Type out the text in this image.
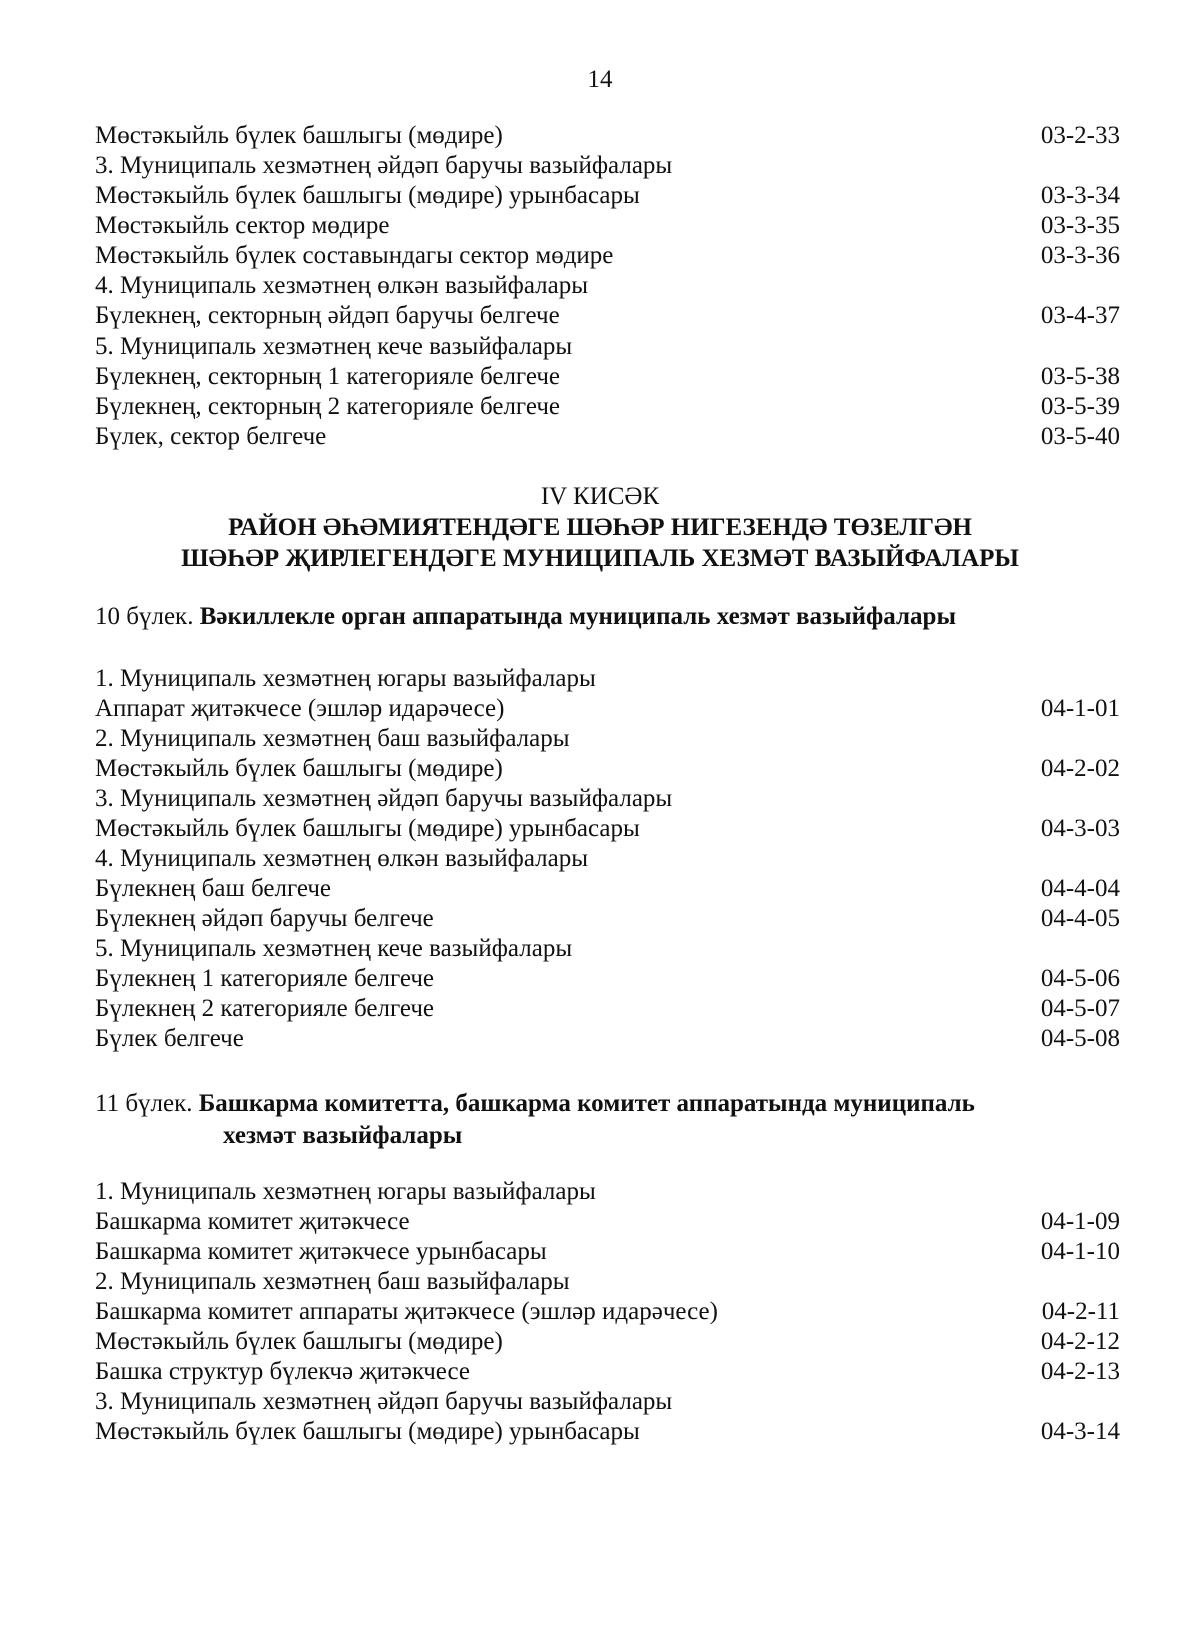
14
Мөстәкыйль бүлек башлыгы (мөдире)	03-2-33
3. Муниципаль хезмәтнең әйдәп баручы вазыйфалары
Мөстәкыйль бүлек башлыгы (мөдире) урынбасары	03-3-34
Мөстәкыйль сектор мөдире	03-3-35
Мөстәкыйль бүлек составындагы сектор мөдире	03-3-36
4. Муниципаль хезмәтнең өлкән вазыйфалары
Бүлекнең, секторның әйдәп баручы белгече	03-4-37
5. Муниципаль хезмәтнең кече вазыйфалары
Бүлекнең, секторның 1 категорияле белгече	03-5-38
Бүлекнең, секторның 2 категорияле белгече	03-5-39
Бүлек, сектор белгече	03-5-40
IV КИСӘК
РАЙОН ӘҺӘМИЯТЕНДӘГЕ ШӘҺӘР НИГЕЗЕНДӘ ТӨЗЕЛГӘН
ШӘҺӘР ҖИРЛЕГЕНДӘГЕ МУНИЦИПАЛЬ ХЕЗМӘТ ВАЗЫЙФАЛАРЫ
10 бүлек. Вәкиллекле орган аппаратында муниципаль хезмәт вазыйфалары
1. Муниципаль хезмәтнең югары вазыйфалары
Аппарат җитәкчесе (эшләр идарәчесе)	04-1-01
2. Муниципаль хезмәтнең баш вазыйфалары
Мөстәкыйль бүлек башлыгы (мөдире)	04-2-02
3. Муниципаль хезмәтнең әйдәп баручы вазыйфалары
Мөстәкыйль бүлек башлыгы (мөдире) урынбасары	04-3-03
4. Муниципаль хезмәтнең өлкән вазыйфалары
Бүлекнең баш белгече	04-4-04
Бүлекнең әйдәп баручы белгече	04-4-05
5. Муниципаль хезмәтнең кече вазыйфалары
Бүлекнең 1 категорияле белгече	04-5-06
Бүлекнең 2 категорияле белгече	04-5-07
Бүлек белгече	04-5-08
11 бүлек. Башкарма комитетта, башкарма комитет аппаратында муниципаль
хезмәт вазыйфалары
1. Муниципаль хезмәтнең югары вазыйфалары
Башкарма комитет җитәкчесе	04-1-09
Башкарма комитет җитәкчесе урынбасары	04-1-10
2. Муниципаль хезмәтнең баш вазыйфалары
Башкарма комитет аппараты җитәкчесе (эшләр идарәчесе)	04-2-11
Мөстәкыйль бүлек башлыгы (мөдире)	04-2-12
Башка структур бүлекчә җитәкчесе	04-2-13
3. Муниципаль хезмәтнең әйдәп баручы вазыйфалары
Мөстәкыйль бүлек башлыгы (мөдире) урынбасары	04-3-14
